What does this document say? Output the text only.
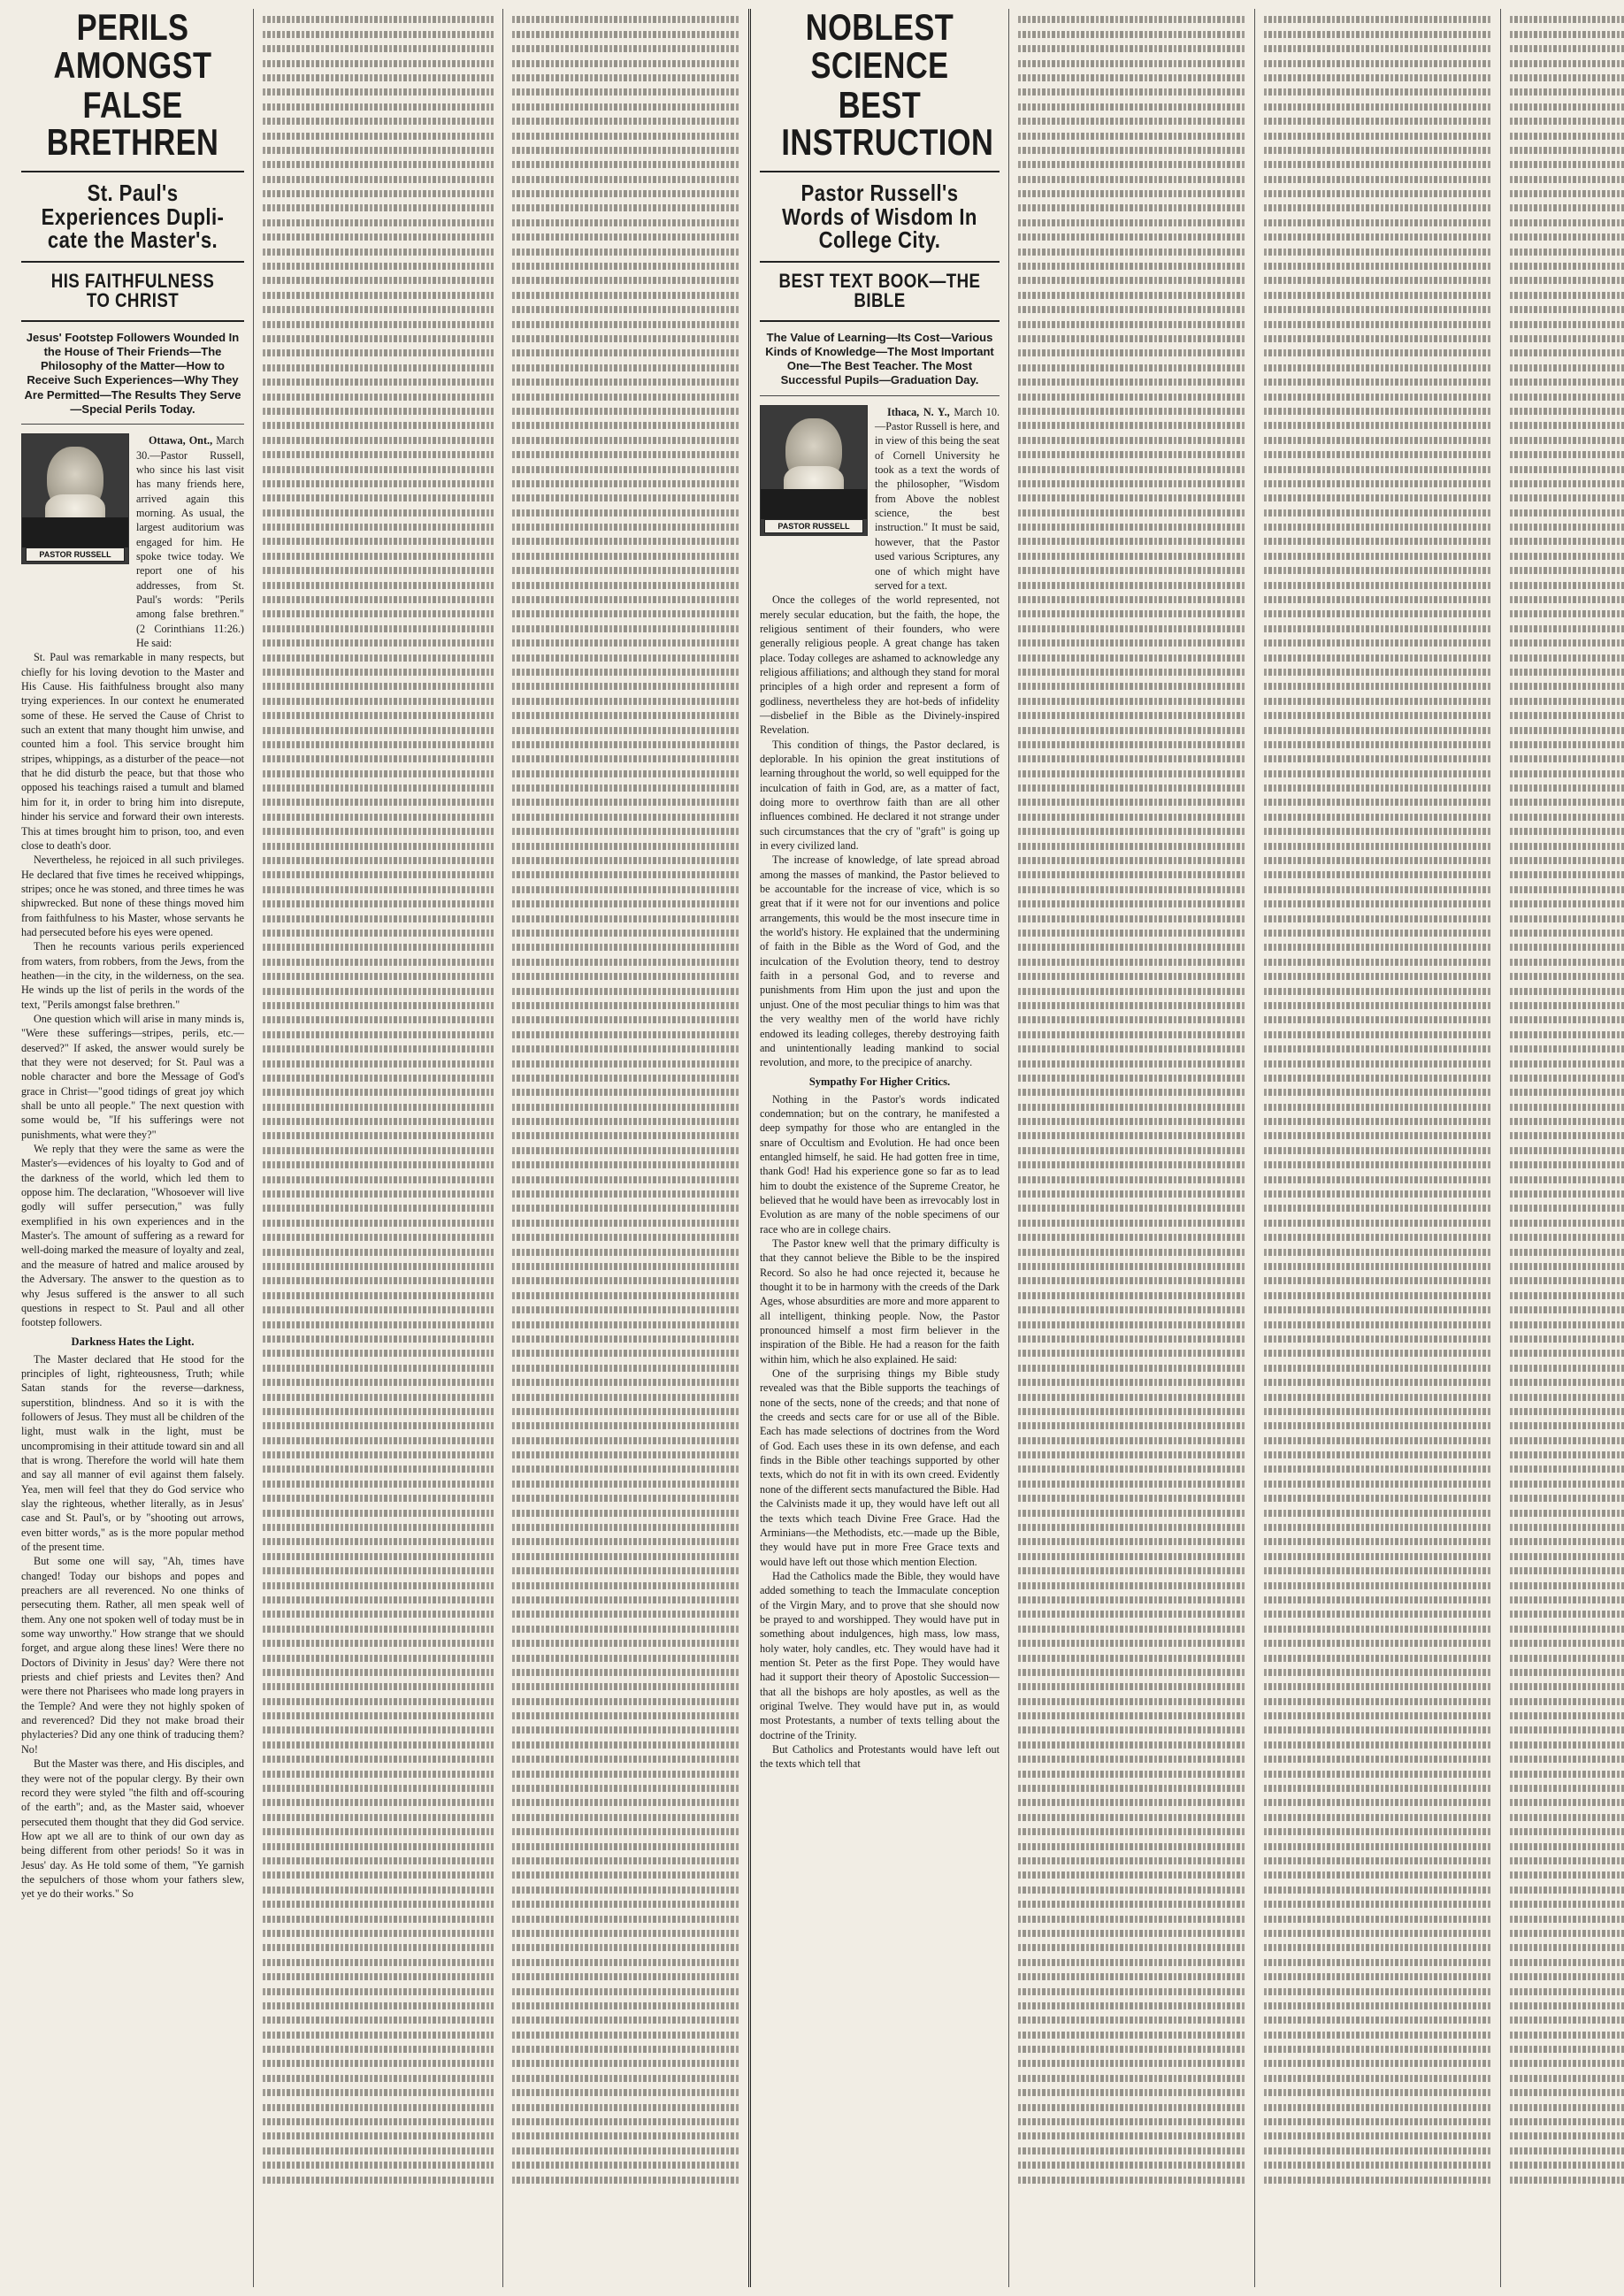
PERILS AMONGST
FALSE BRETHREN
St. Paul's Experiences Dupli-cate the Master's.
HIS FAITHFULNESS TO CHRIST
Jesus' Footstep Followers Wounded In the House of Their Friends—The Philosophy of the Matter—How to Receive Such Experiences—Why They Are Permitted—The Results They Serve—Special Perils Today.
PASTOR RUSSELL

Ottawa, Ont., March 30.—Pastor Russell, who since his last visit has many friends here, arrived again this morning. As usual, the largest auditorium was engaged for him. He spoke twice today. We report one of his addresses, from St. Paul's words: "Perils among false brethren." (2 Corinthians 11:26.) He said:

St. Paul was remarkable in many respects, but chiefly for his loving devotion to the Master and His Cause. His faithfulness brought also many trying experiences. In our context he enumerated some of these. He served the Cause of Christ to such an extent that many thought him unwise, and counted him a fool. This service brought him stripes, whippings, as a disturber of the peace—not that he did disturb the peace, but that those who opposed his teachings raised a tumult and blamed him for it, in order to bring him into disrepute, hinder his service and forward their own interests. This at times brought him to prison, too, and even close to death's door.

Nevertheless, he rejoiced in all such privileges. He declared that five times he received whippings, stripes; once he was stoned, and three times he was shipwrecked. But none of these things moved him from faithfulness to his Master, whose servants he had persecuted before his eyes were opened.

Then he recounts various perils experienced from waters, from robbers, from the Jews, from the heathen—in the city, in the wilderness, on the sea. He winds up the list of perils in the words of the text, "Perils amongst false brethren."

One question which will arise in many minds is, "Were these sufferings—stripes, perils, etc.—deserved?" If asked, the answer would surely be that they were not deserved; for St. Paul was a noble character and bore the Message of God's grace in Christ—"good tidings of great joy which shall be unto all people." The next question with some would be, "If his sufferings were not punishments, what were they?"

We reply that they were the same as were the Master's—evidences of his loyalty to God and of the darkness of the world, which led them to oppose him. The declaration, "Whosoever will live godly will suffer persecution," was fully exemplified in his own experiences and in the Master's. The amount of suffering as a reward for well-doing marked the measure of loyalty and zeal, and the measure of hatred and malice aroused by the Adversary. The answer to the question as to why Jesus suffered is the answer to all such questions in respect to St. Paul and all other footstep followers.

Darkness Hates the Light.

The Master declared that He stood for the principles of light, righteousness, Truth; while Satan stands for the reverse—darkness, superstition, blindness. And so it is with the followers of Jesus. They must all be children of the light, must walk in the light, must be uncompromising in their attitude toward sin and all that is wrong. Therefore the world will hate them and say all manner of evil against them falsely. Yea, men will feel that they do God service who slay the righteous, whether literally, as in Jesus' case and St. Paul's, or by "shooting out arrows, even bitter words," as is the more popular method of the present time.

But some one will say, "Ah, times have changed! Today our bishops and popes and preachers are all reverenced. No one thinks of persecuting them. Rather, all men speak well of them. Any one not spoken well of today must be in some way unworthy." How strange that we should forget, and argue along these lines! Were there no Doctors of Divinity in Jesus' day? Were there not priests and chief priests and Levites then? And were there not Pharisees who made long prayers in the Temple? And were they not highly spoken of and reverenced? Did they not make broad their phylacteries? Did any one think of traducing them? No!

But the Master was there, and His disciples, and they were not of the popular clergy. By their own record they were styled "the filth and off-scouring of the earth"; and, as the Master said, whoever persecuted them thought that they did God service. How apt we all are to think of our own day as being different from other periods! So it was in Jesus' day. As He told some of them, "Ye garnish the sepulchers of those whom your fathers slew, yet ye do their works." So

NOBLEST SCIENCE
BEST INSTRUCTION
Pastor Russell's Words of Wisdom In College City.
BEST TEXT BOOK—THE BIBLE
The Value of Learning—Its Cost—Various Kinds of Knowledge—The Most Important One—The Best Teacher. The Most Successful Pupils—Graduation Day.
PASTOR RUSSELL

Ithaca, N. Y., March 10.—Pastor Russell is here, and in view of this being the seat of Cornell University he took as a text the words of the philosopher, "Wisdom from Above the noblest science, the best instruction." It must be said, however, that the Pastor used various Scriptures, any one of which might have served for a text.

Once the colleges of the world represented, not merely secular education, but the faith, the hope, the religious sentiment of their founders, who were generally religious people. A great change has taken place. Today colleges are ashamed to acknowledge any religious affiliations; and although they stand for moral principles of a high order and represent a form of godliness, nevertheless they are hot-beds of infidelity—disbelief in the Bible as the Divinely-inspired Revelation.

This condition of things, the Pastor declared, is deplorable. In his opinion the great institutions of learning throughout the world, so well equipped for the inculcation of faith in God, are, as a matter of fact, doing more to overthrow faith than are all other influences combined. He declared it not strange under such circumstances that the cry of "graft" is going up in every civilized land.

The increase of knowledge, of late spread abroad among the masses of mankind, the Pastor believed to be accountable for the increase of vice, which is so great that if it were not for our inventions and police arrangements, this would be the most insecure time in the world's history. He explained that the undermining of faith in the Bible as the Word of God, and the inculcation of the Evolution theory, tend to destroy faith in a personal God, and to reverse and punishments from Him upon the just and upon the unjust. One of the most peculiar things to him was that the very wealthy men of the world have richly endowed its leading colleges, thereby destroying faith and unintentionally leading mankind to social revolution, and more, to the precipice of anarchy.

Sympathy For Higher Critics.

Nothing in the Pastor's words indicated condemnation; but on the contrary, he manifested a deep sympathy for those who are entangled in the snare of Occultism and Evolution. He had once been entangled himself, he said. He had gotten free in time, thank God! Had his experience gone so far as to lead him to doubt the existence of the Supreme Creator, he believed that he would have been as irrevocably lost in Evolution as are many of the noble specimens of our race who are in college chairs.

The Pastor knew well that the primary difficulty is that they cannot believe the Bible to be the inspired Record. So also he had once rejected it, because he thought it to be in harmony with the creeds of the Dark Ages, whose absurdities are more and more apparent to all intelligent, thinking people. Now, the Pastor pronounced himself a most firm believer in the inspiration of the Bible. He had a reason for the faith within him, which he also explained. He said:

One of the surprising things my Bible study revealed was that the Bible supports the teachings of none of the sects, none of the creeds; and that none of the creeds and sects care for or use all of the Bible. Each has made selections of doctrines from the Word of God. Each uses these in its own defense, and each finds in the Bible other teachings supported by other texts, which do not fit in with its own creed. Evidently none of the different sects manufactured the Bible. Had the Calvinists made it up, they would have left out all the texts which teach Divine Free Grace. Had the Arminians—the Methodists, etc.—made up the Bible, they would have put in more Free Grace texts and would have left out those which mention Election.

Had the Catholics made the Bible, they would have added something to teach the Immaculate conception of the Virgin Mary, and to prove that she should now be prayed to and worshipped. They would have put in something about indulgences, high mass, low mass, holy water, holy candles, etc. They would have had it mention St. Peter as the first Pope. They would have had it support their theory of Apostolic Succession—that all the bishops are holy apostles, as well as the original Twelve. They would have put in, as would most Protestants, a number of texts telling about the doctrine of the Trinity.

But Catholics and Protestants would have left out the texts which tell that
